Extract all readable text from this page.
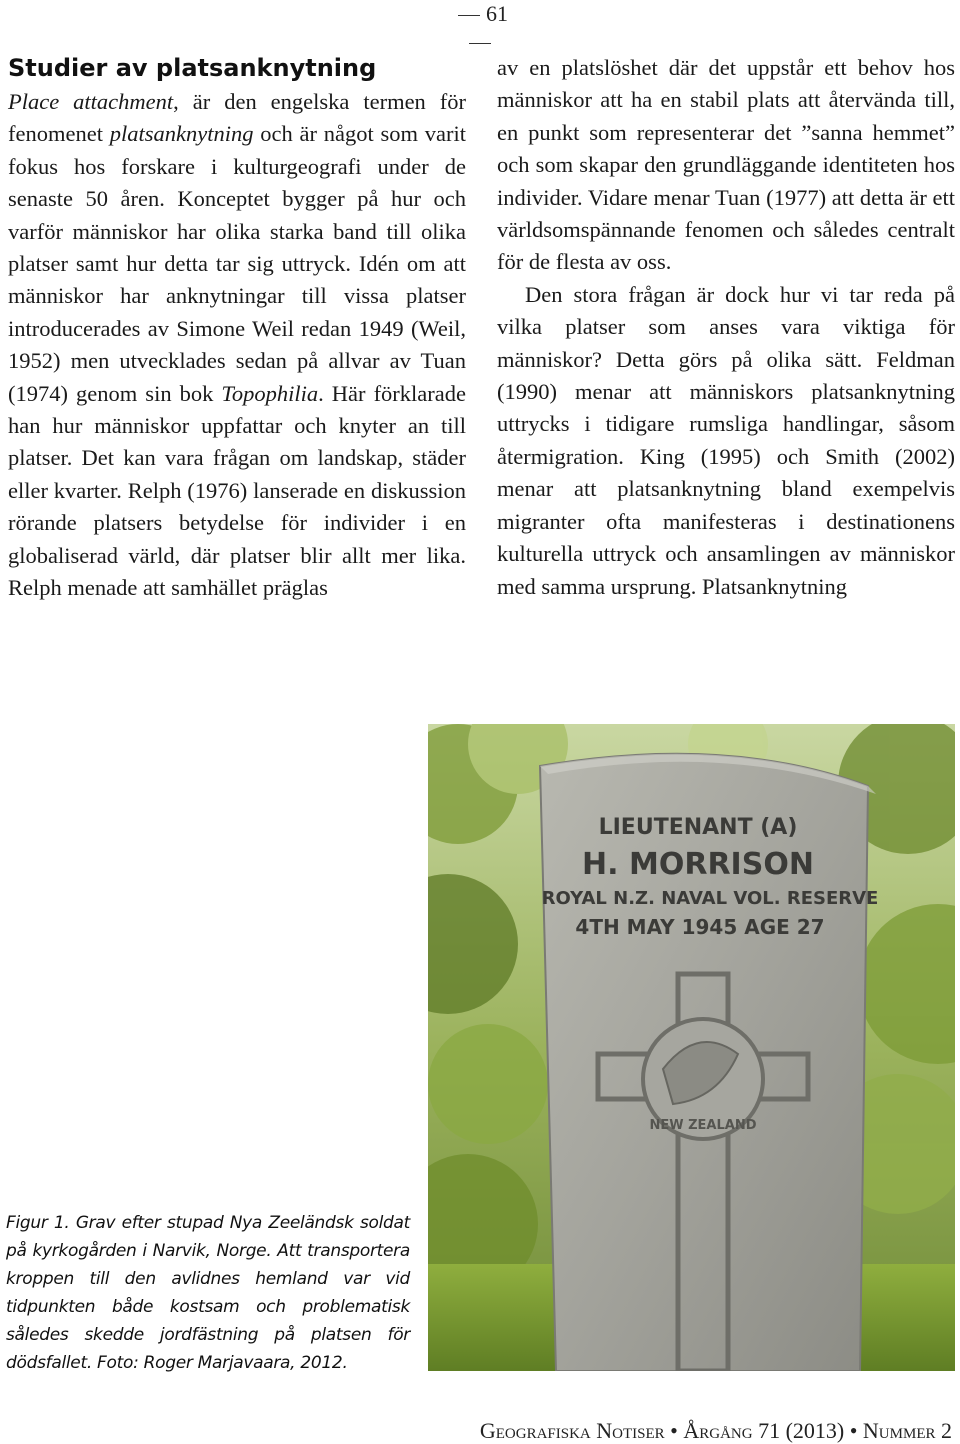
61
Studier av platsanknytning

Place attachment, är den engelska termen för fenomenet platsanknytning och är något som varit fokus hos forskare i kulturgeografi under de senaste 50 åren. Konceptet bygger på hur och varför människor har olika starka band till olika platser samt hur detta tar sig uttryck. Idén om att människor har anknytningar till vissa platser introducerades av Simone Weil redan 1949 (Weil, 1952) men utvecklades sedan på allvar av Tuan (1974) genom sin bok Topophilia. Här förklarade han hur människor uppfattar och knyter an till platser. Det kan vara frågan om landskap, städer eller kvarter. Relph (1976) lanserade en diskussion rörande platsers betydelse för individer i en globaliserad värld, där platser blir allt mer lika. Relph menade att samhället präglas

av en platslöshet där det uppstår ett behov hos människor att ha en stabil plats att återvända till, en punkt som representerar det ”sanna hemmet” och som skapar den grundläggande identiteten hos individer. Vidare menar Tuan (1977) att detta är ett världsomspännande fenomen och således centralt för de flesta av oss.

Den stora frågan är dock hur vi tar reda på vilka platser som anses vara viktiga för människor? Detta görs på olika sätt. Feldman (1990) menar att människors platsanknytning uttrycks i tidigare rumsliga handlingar, såsom återmigration. King (1995) och Smith (2002) menar att platsanknytning bland exempelvis migranter ofta manifesteras i destinationens kulturella uttryck och ansamlingen av människor med samma ursprung. Platsanknytning

LIEUTENANT (A)
H. MORRISON
ROYAL N.Z. NAVAL VOL. RESERVE
4TH MAY 1945 AGE 27
NEW ZEALAND
Figur 1. Grav efter stupad Nya Zeeländsk soldat på kyrkogården i Narvik, Norge. Att transportera kroppen till den avlidnes hemland var vid tidpunkten både kostsam och problematisk således skedde jordfästning på platsen för dödsfallet. Foto: Roger Marjavaara, 2012.
Geografiska Notiser • Årgång 71 (2013) • Nummer 2
